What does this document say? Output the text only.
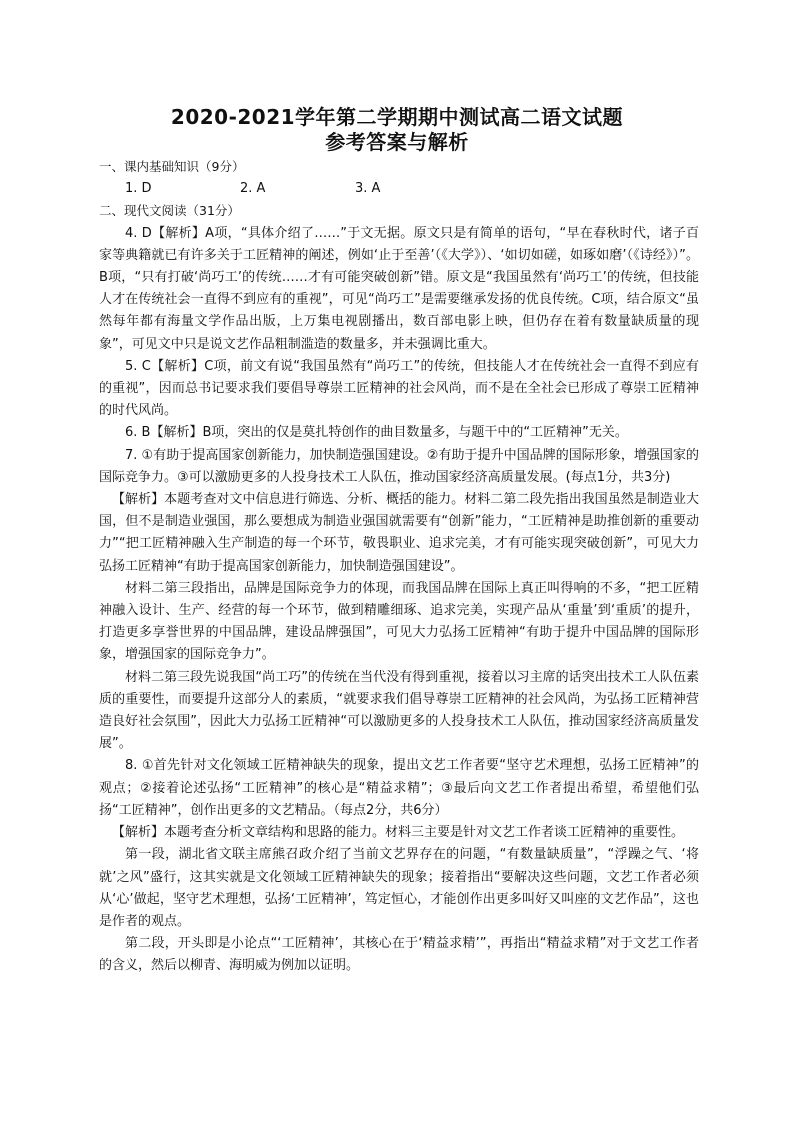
2020-2021学年第二学期期中测试高二语文试题
参考答案与解析

一、课内基础知识（9分）

1. D	2. A	3. A

二、现代文阅读（31分）

4. D【解析】A项，“具体介绍了……”于文无据。原文只是有简单的语句，“早在春秋时代，诸子百家等典籍就已有许多关于工匠精神的阐述，例如‘止于至善’（《大学》）、‘如切如磋，如琢如磨’（《诗经》）”。B项，“只有打破‘尚巧工’的传统……才有可能突破创新”错。原文是“我国虽然有‘尚巧工’的传统，但技能人才在传统社会一直得不到应有的重视”，可见“尚巧工”是需要继承发扬的优良传统。C项，结合原文“虽然每年都有海量文学作品出版，上万集电视剧播出，数百部电影上映，但仍存在着有数量缺质量的现象”，可见文中只是说文艺作品粗制滥造的数量多，并未强调比重大。

5. C【解析】C项，前文有说“我国虽然有“尚巧工”的传统，但技能人才在传统社会一直得不到应有的重视”，因而总书记要求我们要倡导尊崇工匠精神的社会风尚，而不是在全社会已形成了尊崇工匠精神的时代风尚。

6. B【解析】B项，突出的仅是莫扎特创作的曲目数量多，与题干中的“工匠精神”无关。

7. ①有助于提高国家创新能力，加快制造强国建设。②有助于提升中国品牌的国际形象，增强国家的国际竞争力。③可以激励更多的人投身技术工人队伍，推动国家经济高质量发展。(每点1分，共3分)

【解析】本题考查对文中信息进行筛选、分析、概括的能力。材料二第二段先指出我国虽然是制造业大国，但不是制造业强国，那么要想成为制造业强国就需要有“创新”能力，“工匠精神是助推创新的重要动力”“把工匠精神融入生产制造的每一个环节，敬畏职业、追求完美，才有可能实现突破创新”，可见大力弘扬工匠精神“有助于提高国家创新能力，加快制造强国建设”。

材料二第三段指出，品牌是国际竞争力的体现，而我国品牌在国际上真正叫得响的不多，“把工匠精神融入设计、生产、经营的每一个环节，做到精雕细琢、追求完美，实现产品从‘重量’到‘重质’的提升，打造更多享誉世界的中国品牌，建设品牌强国”，可见大力弘扬工匠精神“有助于提升中国品牌的国际形象，增强国家的国际竞争力”。

材料二第三段先说我国“尚工巧”的传统在当代没有得到重视，接着以习主席的话突出技术工人队伍素质的重要性，而要提升这部分人的素质，“就要求我们倡导尊崇工匠精神的社会风尚，为弘扬工匠精神营造良好社会氛围”，因此大力弘扬工匠精神“可以激励更多的人投身技术工人队伍，推动国家经济高质量发展”。

8. ①首先针对文化领域工匠精神缺失的现象，提出文艺工作者要“坚守艺术理想，弘扬工匠精神”的观点；②接着论述弘扬“工匠精神”的核心是“精益求精”；③最后向文艺工作者提出希望，希望他们弘扬“工匠精神”，创作出更多的文艺精品。（每点2分，共6分）

【解析】本题考查分析文章结构和思路的能力。材料三主要是针对文艺工作者谈工匠精神的重要性。

第一段，湖北省文联主席熊召政介绍了当前文艺界存在的问题，“有数量缺质量”，“浮躁之气、‘将就’之风”盛行，这其实就是文化领域工匠精神缺失的现象；接着指出“要解决这些问题，文艺工作者必须从‘心’做起，坚守艺术理想，弘扬‘工匠精神’，笃定恒心，才能创作出更多叫好又叫座的文艺作品”，这也是作者的观点。

第二段，开头即是小论点“‘工匠精神’，其核心在于‘精益求精’”，再指出“精益求精”对于文艺工作者的含义，然后以柳青、海明威为例加以证明。
